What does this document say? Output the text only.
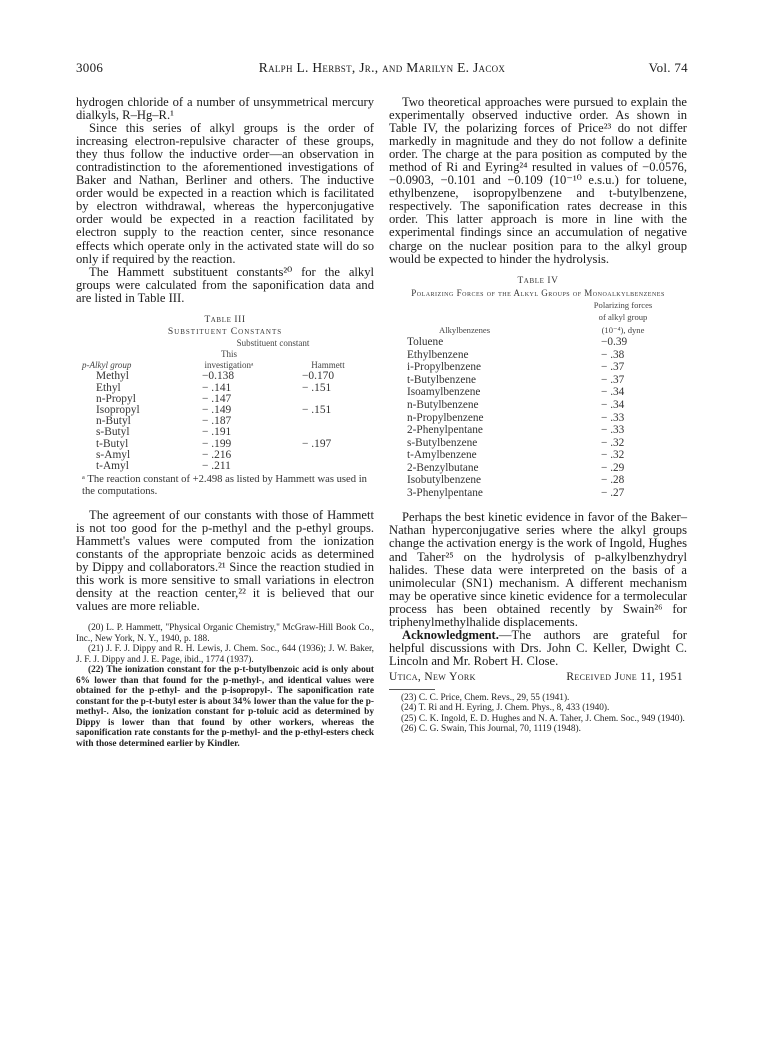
3006	Ralph L. Herbst, Jr., and Marilyn E. Jacox	Vol. 74

hydrogen chloride of a number of unsymmetrical mercury dialkyls, R–Hg–R.¹

Since this series of alkyl groups is the order of increasing electron-repulsive character of these groups, they thus follow the inductive order—an observation in contradistinction to the aforementioned investigations of Baker and Nathan, Berliner and others. The inductive order would be expected in a reaction which is facilitated by electron withdrawal, whereas the hyperconjugative order would be expected in a reaction facilitated by electron supply to the reaction center, since resonance effects which operate only in the activated state will do so only if required by the reaction.

The Hammett substituent constants²⁰ for the alkyl groups were calculated from the saponification data and are listed in Table III.

Table III
Substituent Constants
	Substituent constant	
	This	
p-Alkyl group	investigationᵃ	Hammett
Methyl	−0.138	−0.170
Ethyl	− .141	− .151
n-Propyl	− .147	
Isopropyl	− .149	− .151
n-Butyl	− .187	
s-Butyl	− .191	
t-Butyl	− .199	− .197
s-Amyl	− .216	
t-Amyl	− .211	
ᵃ The reaction constant of +2.498 as listed by Hammett was used in the computations.

The agreement of our constants with those of Hammett is not too good for the p-methyl and the p-ethyl groups. Hammett's values were computed from the ionization constants of the appropriate benzoic acids as determined by Dippy and collaborators.²¹ Since the reaction studied in this work is more sensitive to small variations in electron density at the reaction center,²² it is believed that our values are more reliable.

(20) L. P. Hammett, "Physical Organic Chemistry," McGraw-Hill Book Co., Inc., New York, N. Y., 1940, p. 188.

(21) J. F. J. Dippy and R. H. Lewis, J. Chem. Soc., 644 (1936); J. W. Baker, J. F. J. Dippy and J. E. Page, ibid., 1774 (1937).

(22) The ionization constant for the p-t-butylbenzoic acid is only about 6% lower than that found for the p-methyl-, and identical values were obtained for the p-ethyl- and the p-isopropyl-. The saponification rate constant for the p-t-butyl ester is about 34% lower than the value for the p-methyl-. Also, the ionization constant for p-toluic acid as determined by Dippy is lower than that found by other workers, whereas the saponification rate constants for the p-methyl- and the p-ethyl-esters check with those determined earlier by Kindler.

Two theoretical approaches were pursued to explain the experimentally observed inductive order. As shown in Table IV, the polarizing forces of Price²³ do not differ markedly in magnitude and they do not follow a definite order. The charge at the para position as computed by the method of Ri and Eyring²⁴ resulted in values of −0.0576, −0.0903, −0.101 and −0.109 (10⁻¹⁰ e.s.u.) for toluene, ethylbenzene, isopropylbenzene and t-butylbenzene, respectively. The saponification rates decrease in this order. This latter approach is more in line with the experimental findings since an accumulation of negative charge on the nuclear position para to the alkyl group would be expected to hinder the hydrolysis.

Table IV
Polarizing Forces of the Alkyl Groups of Monoalkylbenzenes
	Polarizing forces
	of alkyl group
Alkylbenzenes	(10⁻⁴), dyne
Toluene	−0.39
Ethylbenzene	− .38
i-Propylbenzene	− .37
t-Butylbenzene	− .37
Isoamylbenzene	− .34
n-Butylbenzene	− .34
n-Propylbenzene	− .33
2-Phenylpentane	− .33
s-Butylbenzene	− .32
t-Amylbenzene	− .32
2-Benzylbutane	− .29
Isobutylbenzene	− .28
3-Phenylpentane	− .27

Perhaps the best kinetic evidence in favor of the Baker–Nathan hyperconjugative series where the alkyl groups change the activation energy is the work of Ingold, Hughes and Taher²⁵ on the hydrolysis of p-alkylbenzhydryl halides. These data were interpreted on the basis of a unimolecular (SN1) mechanism. A different mechanism may be operative since kinetic evidence for a termolecular process has been obtained recently by Swain²⁶ for triphenylmethylhalide displacements.

Acknowledgment.—The authors are grateful for helpful discussions with Drs. John C. Keller, Dwight C. Lincoln and Mr. Robert H. Close.

Utica, New York	Received June 11, 1951

(23) C. C. Price, Chem. Revs., 29, 55 (1941).

(24) T. Ri and H. Eyring, J. Chem. Phys., 8, 433 (1940).

(25) C. K. Ingold, E. D. Hughes and N. A. Taher, J. Chem. Soc., 949 (1940).

(26) C. G. Swain, This Journal, 70, 1119 (1948).
